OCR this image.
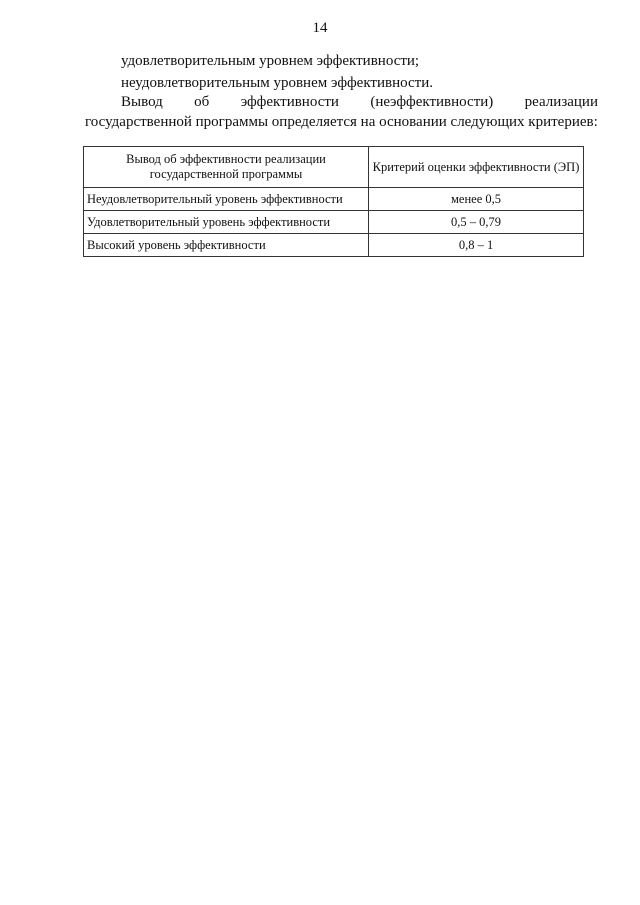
14
удовлетворительным уровнем эффективности;
неудовлетворительным уровнем эффективности.
Вывод об эффективности (неэффективности) реализации
государственной программы определяется на основании следующих критериев:
Вывод об эффективности реализации государственной программы	Критерий оценки эффективности (ЭП)
Неудовлетворительный уровень эффективности	менее 0,5
Удовлетворительный уровень эффективности	0,5 – 0,79
Высокий уровень эффективности	0,8 – 1
